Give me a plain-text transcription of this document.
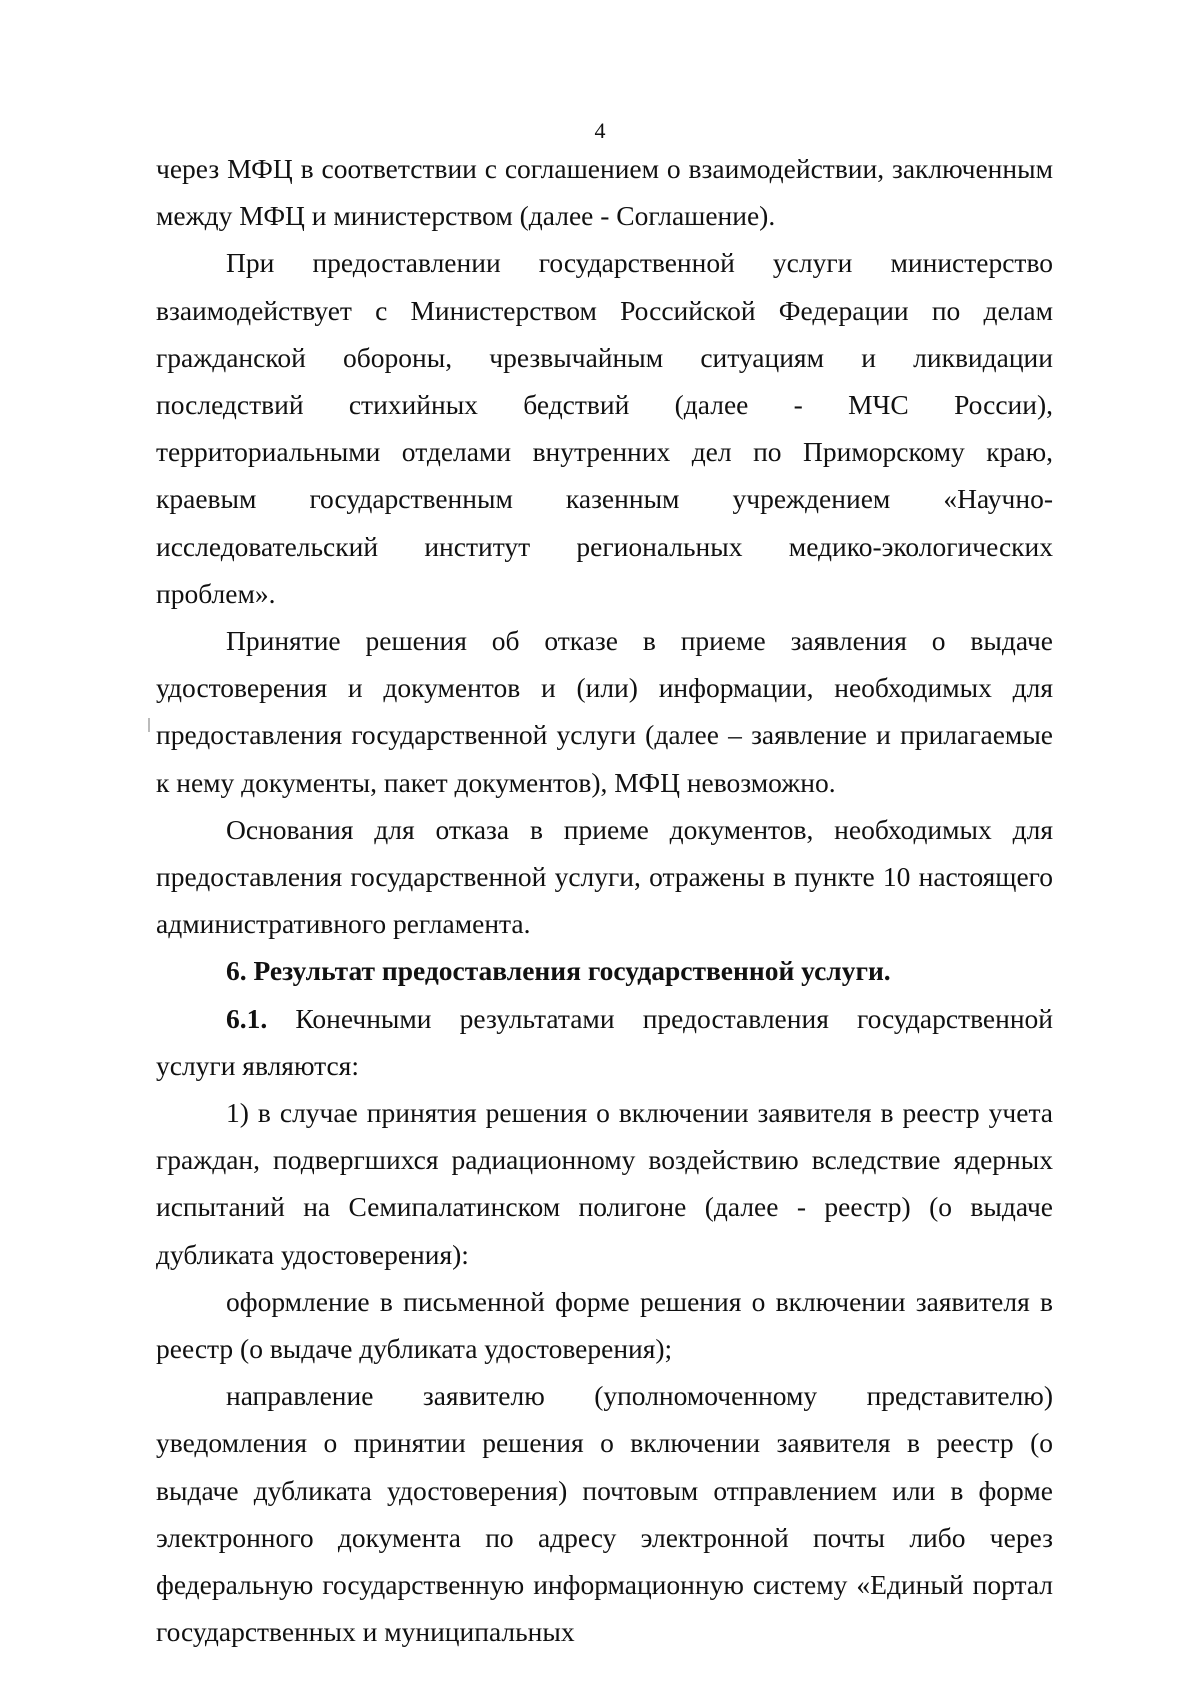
4

через МФЦ в соответствии с соглашением о взаимодействии, заключенным между МФЦ и министерством (далее - Соглашение).

При предоставлении государственной услуги министерство взаимодействует с Министерством Российской Федерации по делам гражданской обороны, чрезвычайным ситуациям и ликвидации последствий стихийных бедствий (далее - МЧС России), территориальными отделами внутренних дел по Приморскому краю, краевым государственным казенным учреждением «Научно-исследовательский институт региональных медико-экологических проблем».

Принятие решения об отказе в приеме заявления о выдаче удостоверения и документов и (или) информации, необходимых для предоставления государственной услуги (далее – заявление и прилагаемые к нему документы, пакет документов), МФЦ невозможно.

Основания для отказа в приеме документов, необходимых для предоставления государственной услуги, отражены в пункте 10 настоящего административного регламента.

6. Результат предоставления государственной услуги.

6.1. Конечными результатами предоставления государственной услуги являются:

1) в случае принятия решения о включении заявителя в реестр учета граждан, подвергшихся радиационному воздействию вследствие ядерных испытаний на Семипалатинском полигоне (далее - реестр) (о выдаче дубликата удостоверения):

оформление в письменной форме решения о включении заявителя в реестр (о выдаче дубликата удостоверения);

направление заявителю (уполномоченному представителю) уведомления о принятии решения о включении заявителя в реестр (о выдаче дубликата удостоверения) почтовым отправлением или в форме электронного документа по адресу электронной почты либо через федеральную государственную информационную систему «Единый портал государственных и муниципальных
